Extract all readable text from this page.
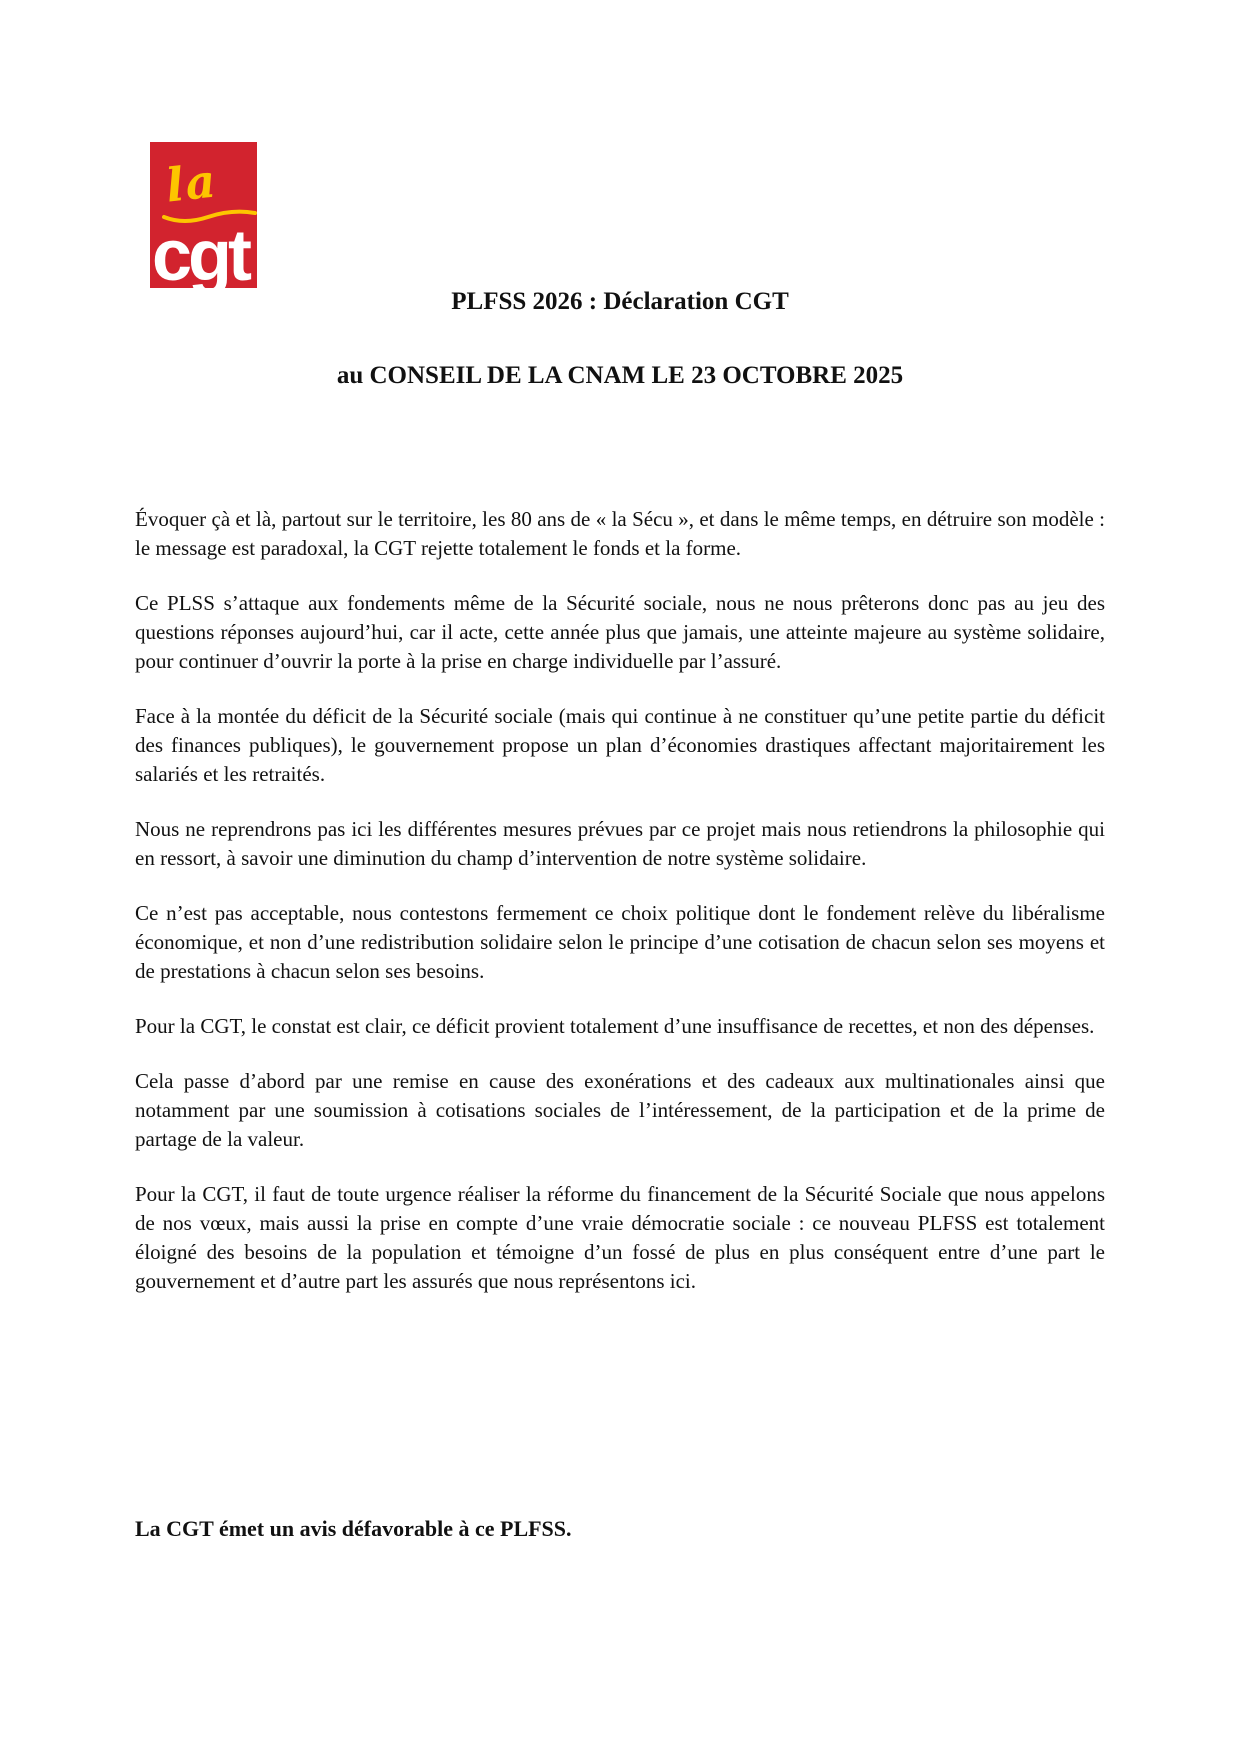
la
cgt
PLFSS 2026 : Déclaration CGT
au CONSEIL DE LA CNAM LE 23 OCTOBRE 2025

Évoquer çà et là, partout sur le territoire, les 80 ans de « la Sécu », et dans le même temps, en détruire son modèle : le message est paradoxal, la CGT rejette totalement le fonds et la forme.

Ce PLSS s’attaque aux fondements même de la Sécurité sociale, nous ne nous prêterons donc pas au jeu des questions réponses aujourd’hui, car il acte, cette année plus que jamais, une atteinte majeure au système solidaire, pour continuer d’ouvrir la porte à la prise en charge individuelle par l’assuré.

Face à la montée du déficit de la Sécurité sociale (mais qui continue à ne constituer qu’une petite partie du déficit des finances publiques), le gouvernement propose un plan d’économies drastiques affectant majoritairement les salariés et les retraités.

Nous ne reprendrons pas ici les différentes mesures prévues par ce projet mais nous retiendrons la philosophie qui en ressort, à savoir une diminution du champ d’intervention de notre système solidaire.

Ce n’est pas acceptable, nous contestons fermement ce choix politique dont le fondement relève du libéralisme économique, et non d’une redistribution solidaire selon le principe d’une cotisation de chacun selon ses moyens et de prestations à chacun selon ses besoins.

Pour la CGT, le constat est clair, ce déficit provient totalement d’une insuffisance de recettes, et non des dépenses.

Cela passe d’abord par une remise en cause des exonérations et des cadeaux aux multinationales ainsi que notamment par une soumission à cotisations sociales de l’intéressement, de la participation et de la prime de partage de la valeur.

Pour la CGT, il faut de toute urgence réaliser la réforme du financement de la Sécurité Sociale que nous appelons de nos vœux, mais aussi la prise en compte d’une vraie démocratie sociale : ce nouveau PLFSS est totalement éloigné des besoins de la population et témoigne d’un fossé de plus en plus conséquent entre d’une part le gouvernement et d’autre part les assurés que nous représentons ici.

La CGT émet un avis défavorable à ce PLFSS.
